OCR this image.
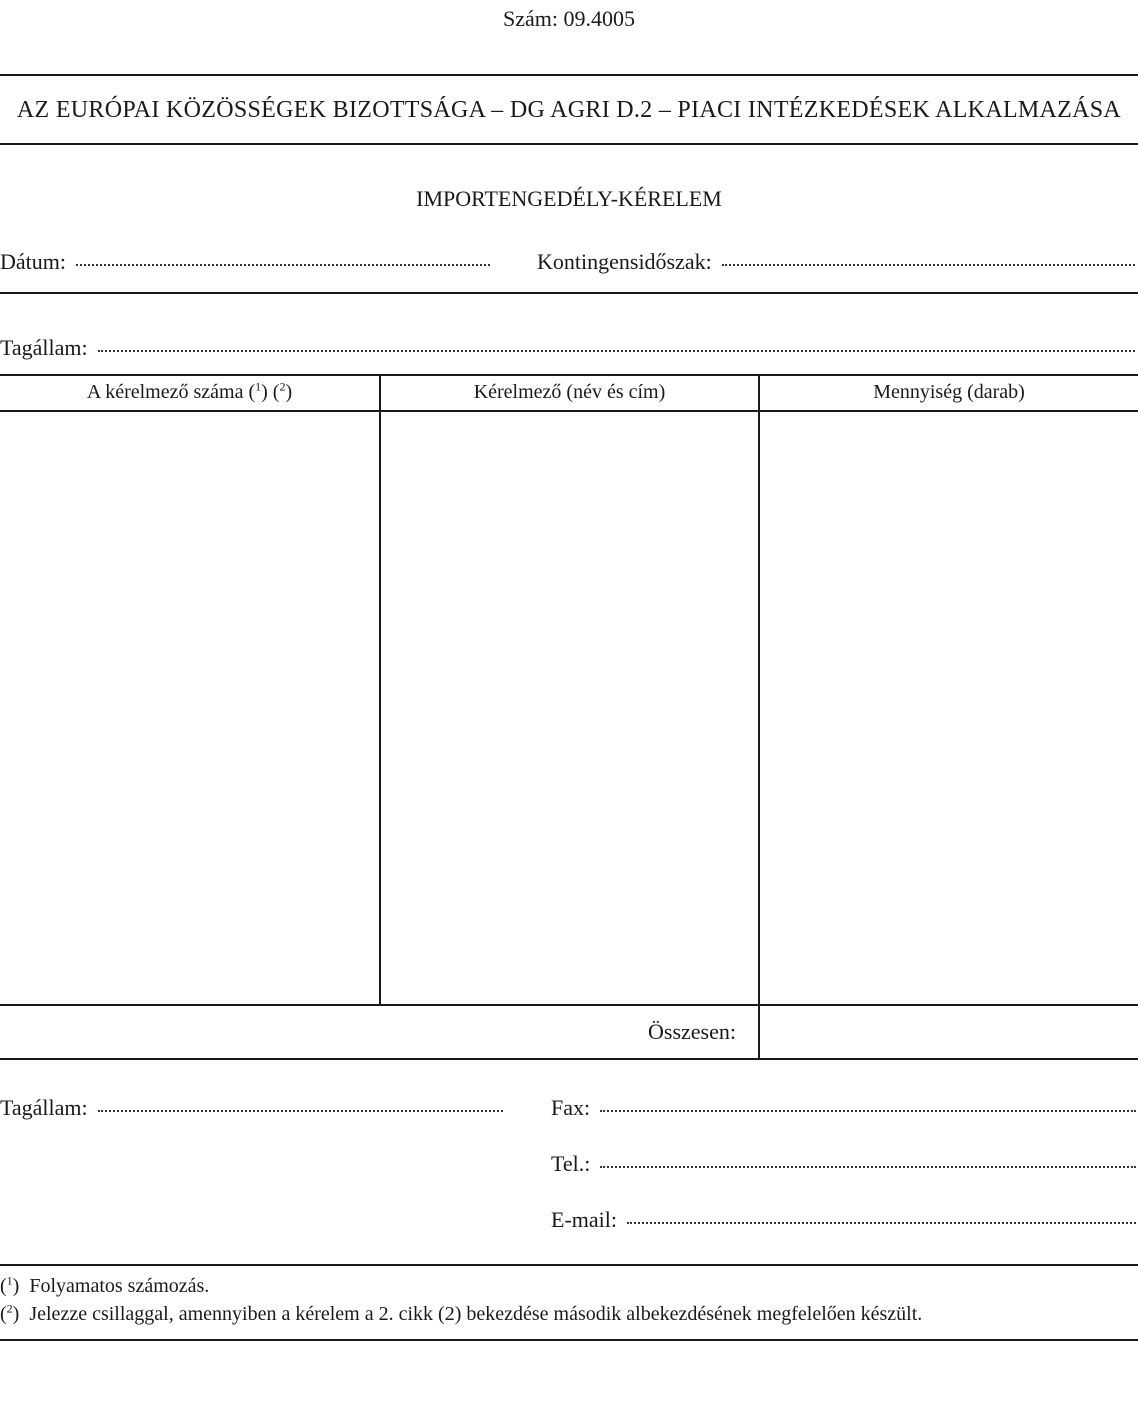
Szám: 09.4005
AZ EURÓPAI KÖZÖSSÉGEK BIZOTTSÁGA – DG AGRI D.2 – PIACI INTÉZKEDÉSEK ALKALMAZÁSA
IMPORTENGEDÉLY-KÉRELEM
Dátum:	Kontingensidőszak:
Tagállam:
A kérelmező száma ($^1$) ($^2$)	Kérelmező (név és cím)	Mennyiség (darab)
Összesen:
Tagállam:	Fax:
Tel.:
E-mail:
($^1$)  Folyamatos számozás.
($^2$)  Jelezze csillaggal, amennyiben a kérelem a 2. cikk (2) bekezdése második albekezdésének megfelelően készült.
